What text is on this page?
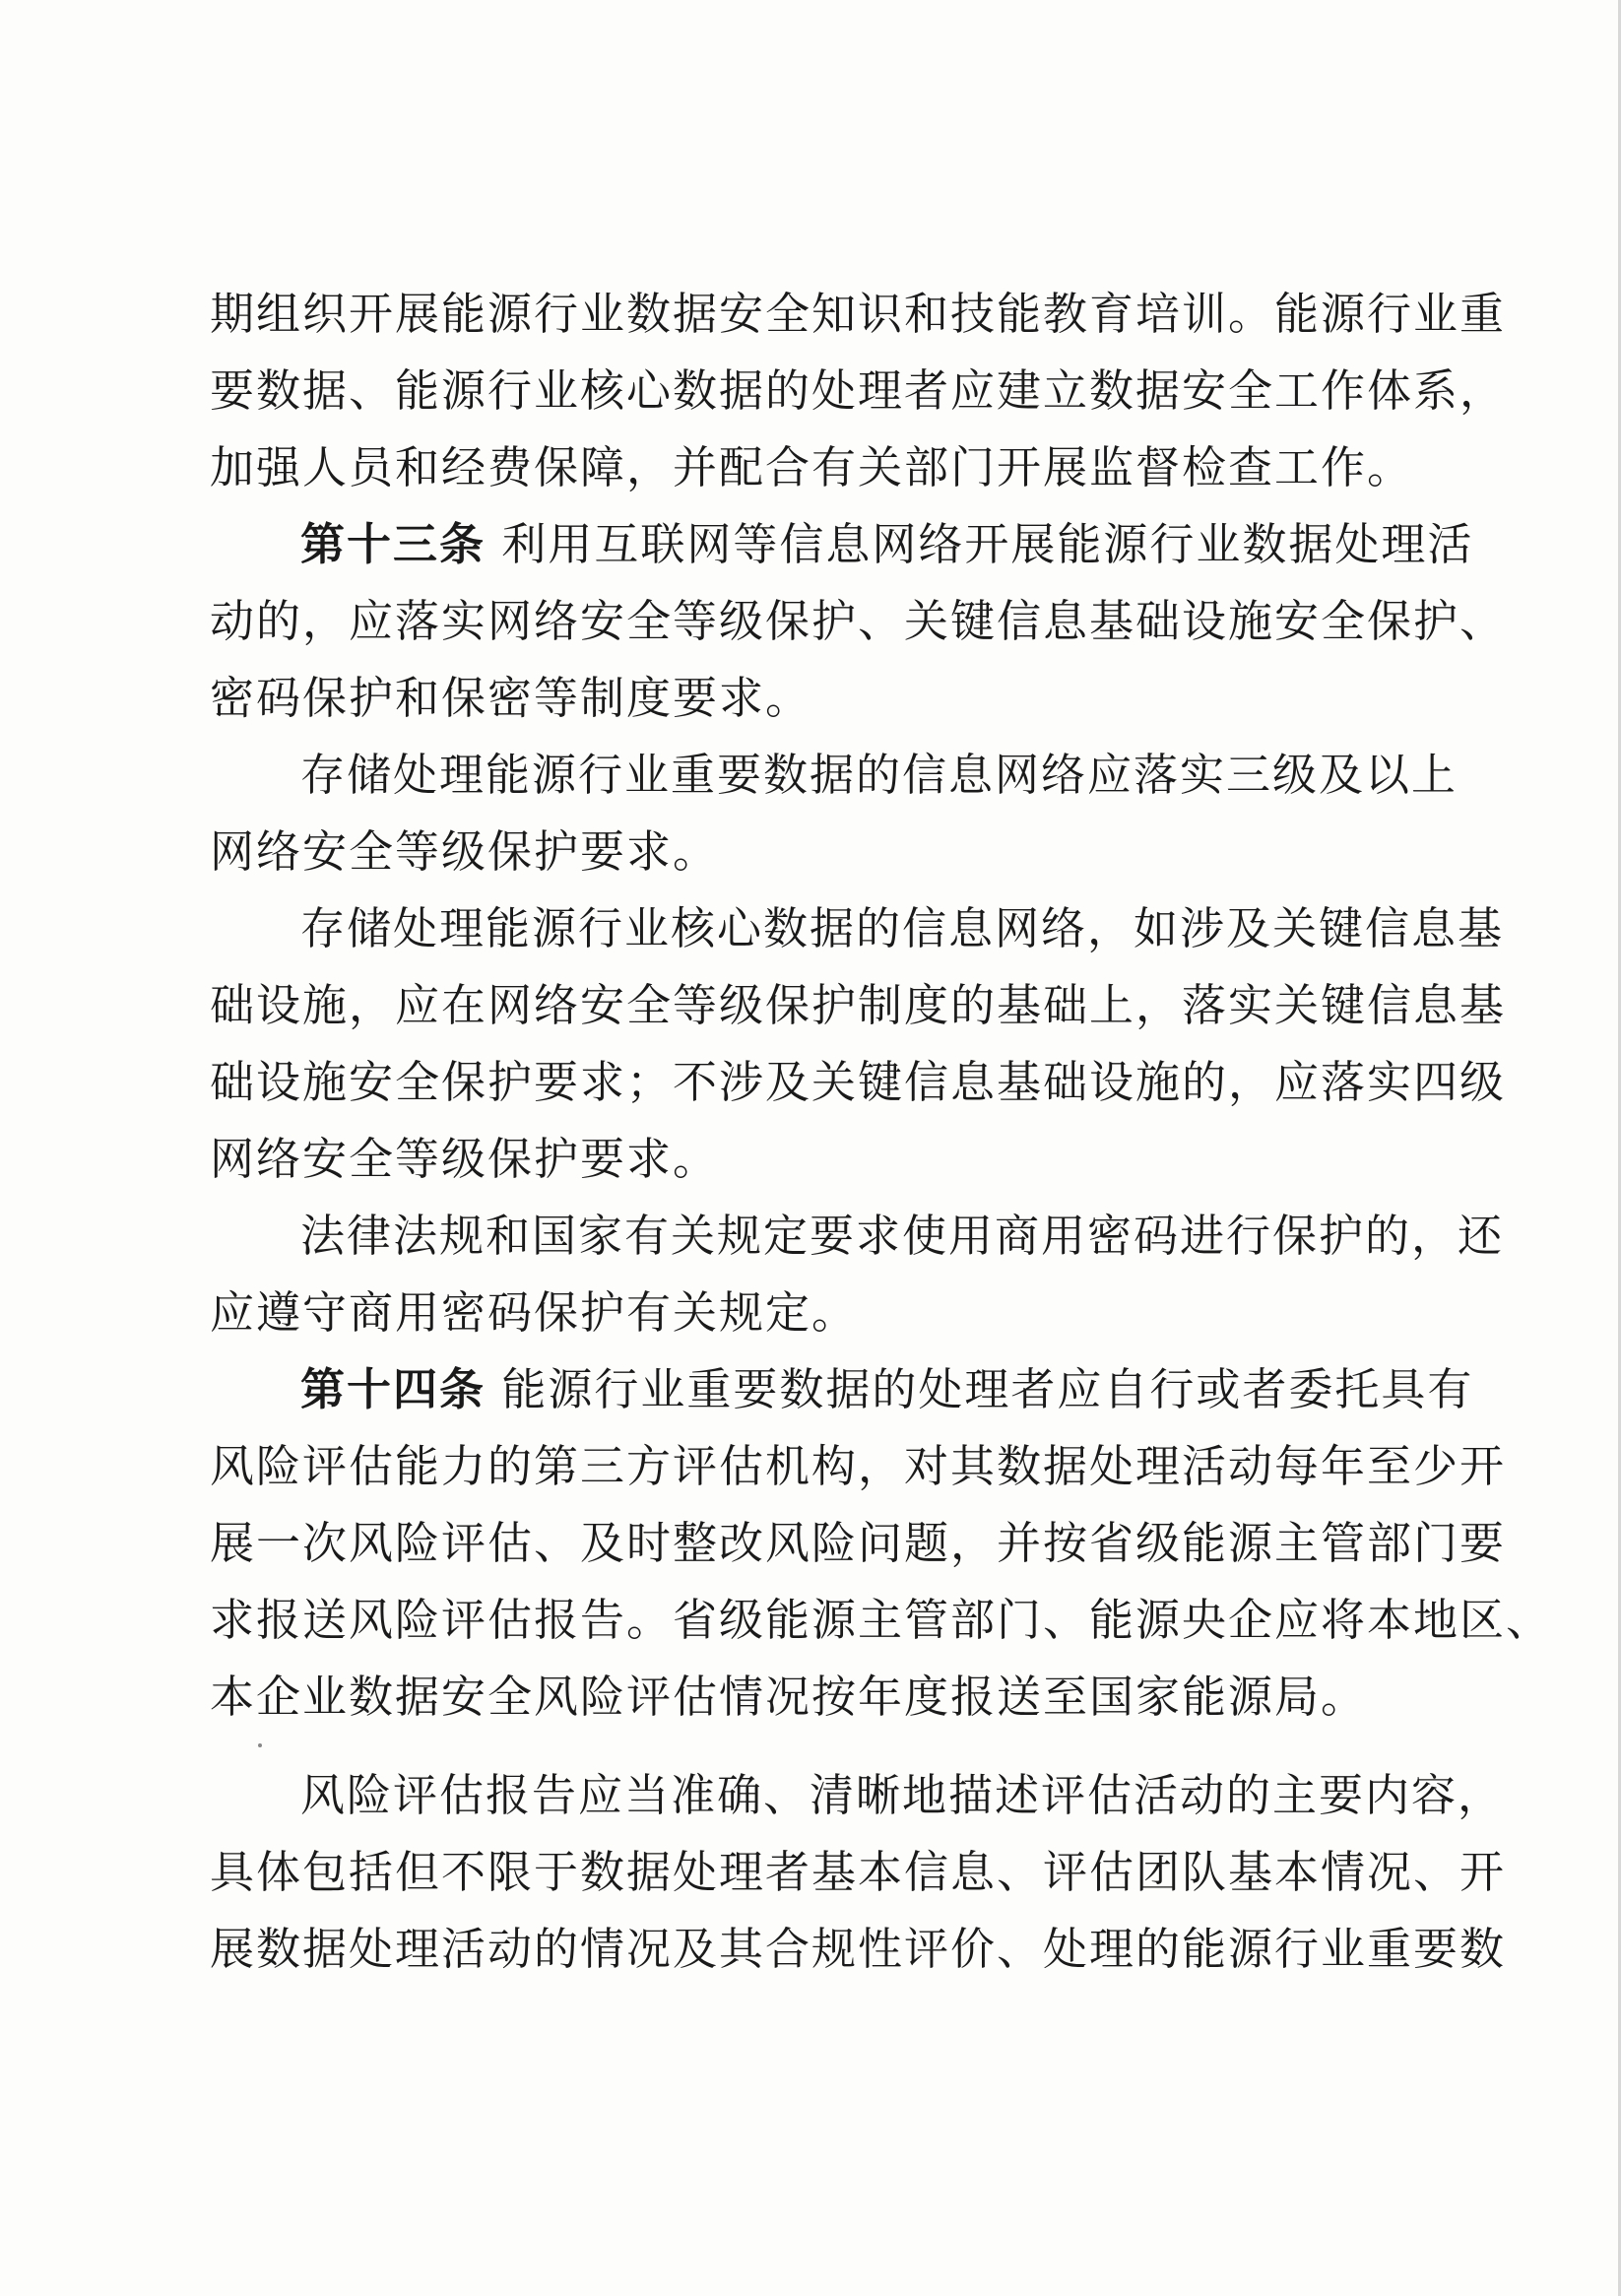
期组织开展能源行业数据安全知识和技能教育培训。能源行业重
要数据、能源行业核心数据的处理者应建立数据安全工作体系，
加强人员和经费保障，并配合有关部门开展监督检查工作。
第十三条 利用互联网等信息网络开展能源行业数据处理活
动的，应落实网络安全等级保护、关键信息基础设施安全保护、
密码保护和保密等制度要求。
存储处理能源行业重要数据的信息网络应落实三级及以上
网络安全等级保护要求。
存储处理能源行业核心数据的信息网络，如涉及关键信息基
础设施，应在网络安全等级保护制度的基础上，落实关键信息基
础设施安全保护要求；不涉及关键信息基础设施的，应落实四级
网络安全等级保护要求。
法律法规和国家有关规定要求使用商用密码进行保护的，还
应遵守商用密码保护有关规定。
第十四条 能源行业重要数据的处理者应自行或者委托具有
风险评估能力的第三方评估机构，对其数据处理活动每年至少开
展一次风险评估、及时整改风险问题，并按省级能源主管部门要
求报送风险评估报告。省级能源主管部门、能源央企应将本地区、
本企业数据安全风险评估情况按年度报送至国家能源局。
风险评估报告应当准确、清晰地描述评估活动的主要内容，
具体包括但不限于数据处理者基本信息、评估团队基本情况、开
展数据处理活动的情况及其合规性评价、处理的能源行业重要数
